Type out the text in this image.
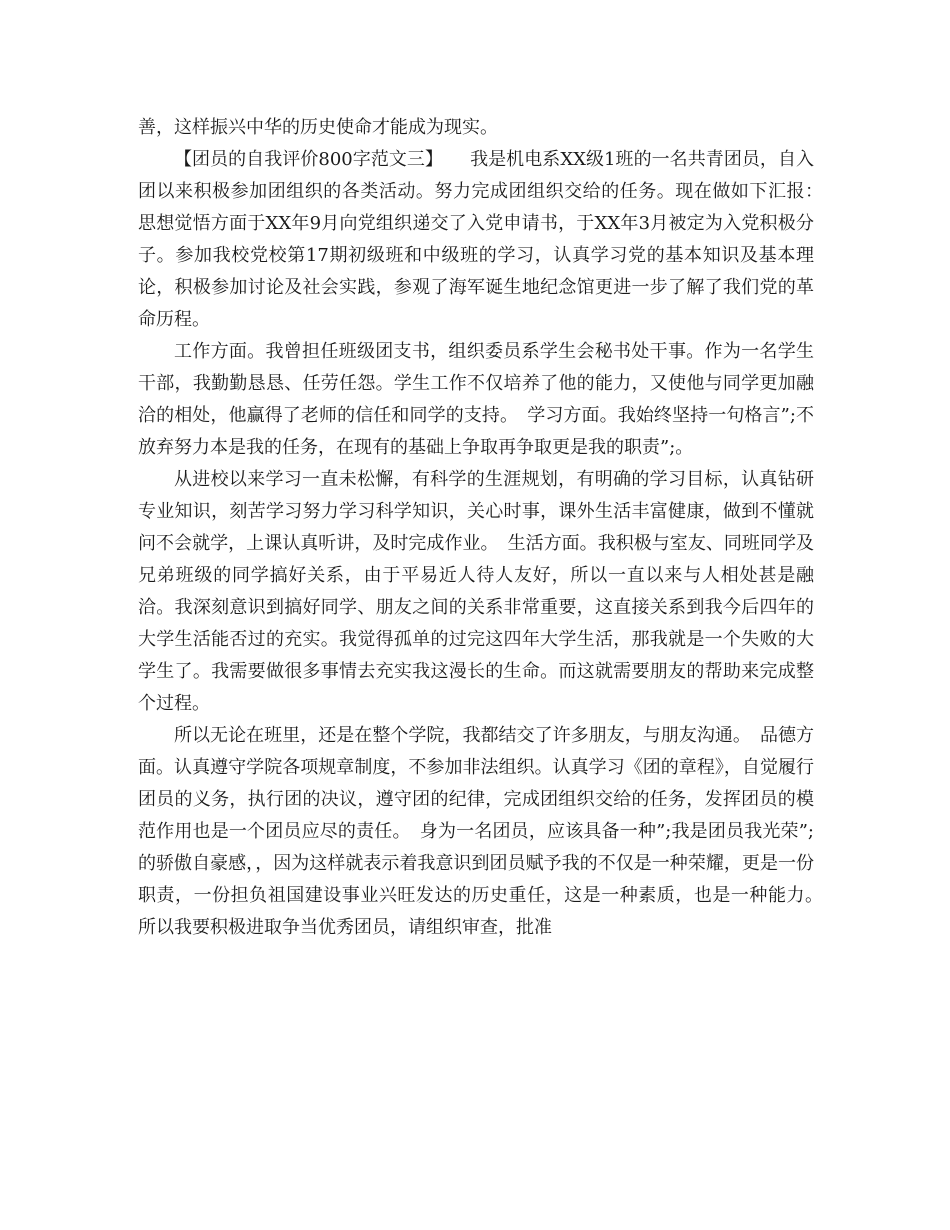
善，这样振兴中华的历史使命才能成为现实。

【团员的自我评价800字范文三】　　我是机电系XX级1班的一名共青团员，自入团以来积极参加团组织的各类活动。努力完成团组织交给的任务。现在做如下汇报：　思想觉悟方面于XX年9月向党组织递交了入党申请书，于XX年3月被定为入党积极分子。参加我校党校第17期初级班和中级班的学习，认真学习党的基本知识及基本理论，积极参加讨论及社会实践，参观了海军诞生地纪念馆更进一步了解了我们党的革命历程。

工作方面。我曾担任班级团支书，组织委员系学生会秘书处干事。作为一名学生干部，我勤勤恳恳、任劳任怨。学生工作不仅培养了他的能力，又使他与同学更加融洽的相处，他赢得了老师的信任和同学的支持。　学习方面。我始终坚持一句格言”;不放弃努力本是我的任务，在现有的基础上争取再争取更是我的职责”;。

从进校以来学习一直未松懈，有科学的生涯规划，有明确的学习目标，认真钻研专业知识，刻苦学习努力学习科学知识，关心时事，课外生活丰富健康，做到不懂就问不会就学，上课认真听讲，及时完成作业。　生活方面。我积极与室友、同班同学及兄弟班级的同学搞好关系，由于平易近人待人友好，所以一直以来与人相处甚是融洽。我深刻意识到搞好同学、朋友之间的关系非常重要，这直接关系到我今后四年的大学生活能否过的充实。我觉得孤单的过完这四年大学生活，那我就是一个失败的大学生了。我需要做很多事情去充实我这漫长的生命。而这就需要朋友的帮助来完成整个过程。

所以无论在班里，还是在整个学院，我都结交了许多朋友，与朋友沟通。　品德方面。认真遵守学院各项规章制度，不参加非法组织。认真学习《团的章程》，自觉履行团员的义务，执行团的决议，遵守团的纪律，完成团组织交给的任务，发挥团员的模范作用也是一个团员应尽的责任。　身为一名团员，应该具备一种”;我是团员我光荣”;的骄傲自豪感，，因为这样就表示着我意识到团员赋予我的不仅是一种荣耀，更是一份职责，一份担负祖国建设事业兴旺发达的历史重任，这是一种素质，也是一种能力。　所以我要积极进取争当优秀团员，请组织审查，批准
